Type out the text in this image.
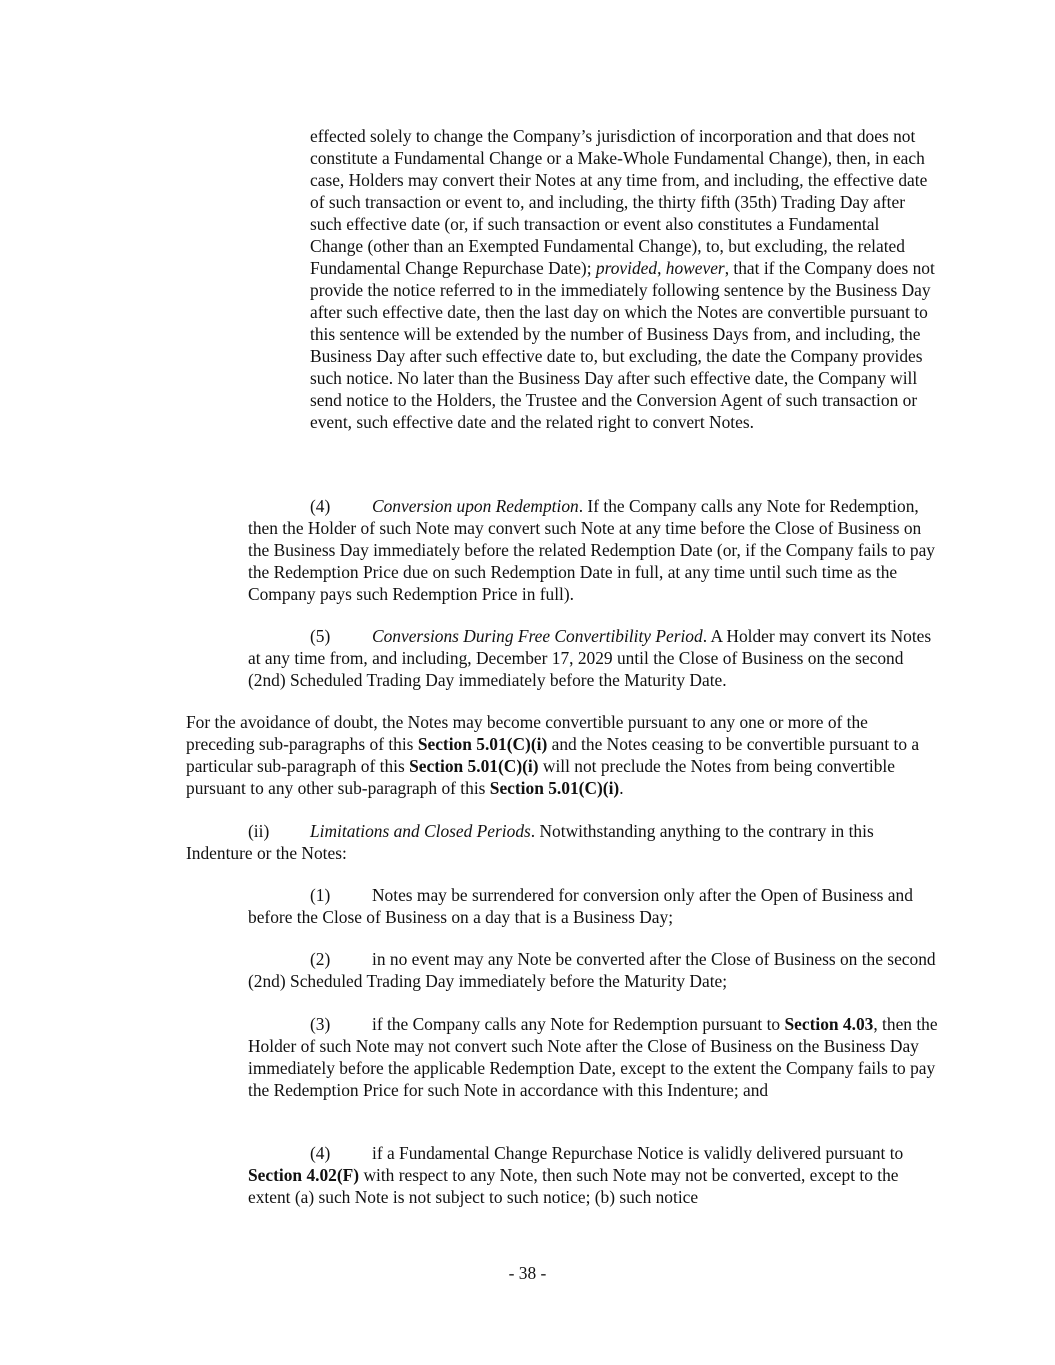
effected solely to change the Company’s jurisdiction of incorporation and that does not constitute a Fundamental Change or a Make-Whole Fundamental Change), then, in each case, Holders may convert their Notes at any time from, and including, the effective date of such transaction or event to, and including, the thirty fifth (35th) Trading Day after such effective date (or, if such transaction or event also constitutes a Fundamental Change (other than an Exempted Fundamental Change), to, but excluding, the related Fundamental Change Repurchase Date); provided, however, that if the Company does not provide the notice referred to in the immediately following sentence by the Business Day after such effective date, then the last day on which the Notes are convertible pursuant to this sentence will be extended by the number of Business Days from, and including, the Business Day after such effective date to, but excluding, the date the Company provides such notice. No later than the Business Day after such effective date, the Company will send notice to the Holders, the Trustee and the Conversion Agent of such transaction or event, such effective date and the related right to convert Notes.

(4) Conversion upon Redemption. If the Company calls any Note for Redemption, then the Holder of such Note may convert such Note at any time before the Close of Business on the Business Day immediately before the related Redemption Date (or, if the Company fails to pay the Redemption Price due on such Redemption Date in full, at any time until such time as the Company pays such Redemption Price in full).

(5) Conversions During Free Convertibility Period. A Holder may convert its Notes at any time from, and including, December 17, 2029 until the Close of Business on the second (2nd) Scheduled Trading Day immediately before the Maturity Date.

For the avoidance of doubt, the Notes may become convertible pursuant to any one or more of the preceding sub-paragraphs of this Section 5.01(C)(i) and the Notes ceasing to be convertible pursuant to a particular sub-paragraph of this Section 5.01(C)(i) will not preclude the Notes from being convertible pursuant to any other sub-paragraph of this Section 5.01(C)(i).

(ii) Limitations and Closed Periods. Notwithstanding anything to the contrary in this Indenture or the Notes:

(1) Notes may be surrendered for conversion only after the Open of Business and before the Close of Business on a day that is a Business Day;

(2) in no event may any Note be converted after the Close of Business on the second (2nd) Scheduled Trading Day immediately before the Maturity Date;

(3) if the Company calls any Note for Redemption pursuant to Section 4.03, then the Holder of such Note may not convert such Note after the Close of Business on the Business Day immediately before the applicable Redemption Date, except to the extent the Company fails to pay the Redemption Price for such Note in accordance with this Indenture; and

(4) if a Fundamental Change Repurchase Notice is validly delivered pursuant to Section 4.02(F) with respect to any Note, then such Note may not be converted, except to the extent (a) such Note is not subject to such notice; (b) such notice

- 38 -
